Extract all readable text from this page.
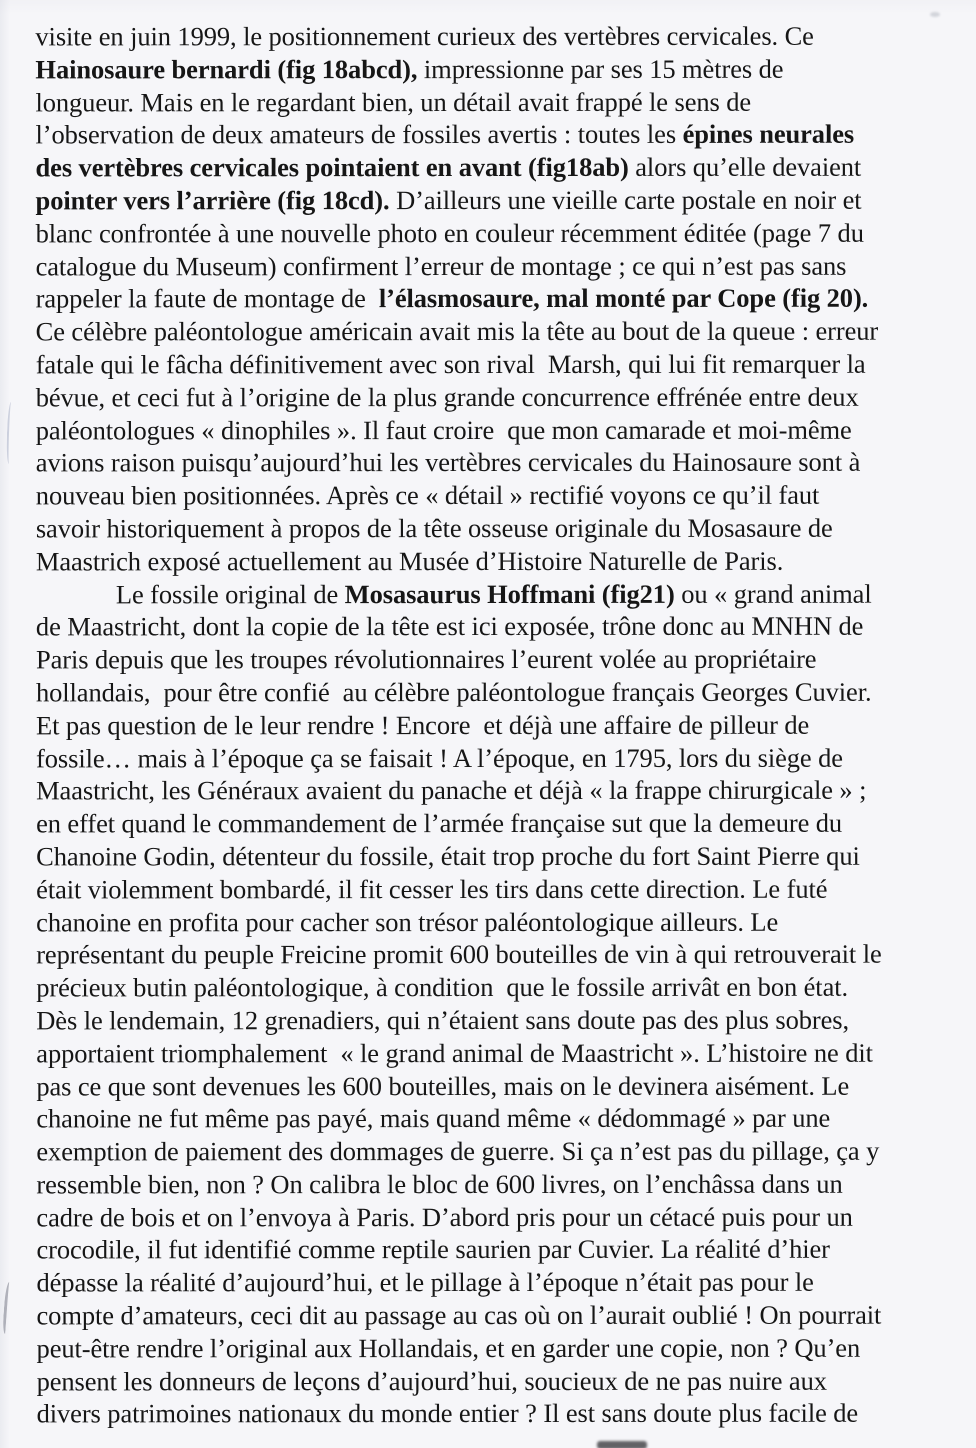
visite en juin 1999, le positionnement curieux des vertèbres cervicales. Ce
Hainosaure bernardi (fig 18abcd), impressionne par ses 15 mètres de
longueur. Mais en le regardant bien, un détail avait frappé le sens de
l’observation de deux amateurs de fossiles avertis : toutes les épines neurales
des vertèbres cervicales pointaient en avant (fig18ab) alors qu’elle devaient
pointer vers l’arrière (fig 18cd). D’ailleurs une vieille carte postale en noir et
blanc confrontée à une nouvelle photo en couleur récemment éditée (page 7 du
catalogue du Museum) confirment l’erreur de montage ; ce qui n’est pas sans
rappeler la faute de montage de  l’élasmosaure, mal monté par Cope (fig 20).
Ce célèbre paléontologue américain avait mis la tête au bout de la queue : erreur
fatale qui le fâcha définitivement avec son rival  Marsh, qui lui fit remarquer la
bévue, et ceci fut à l’origine de la plus grande concurrence effrénée entre deux
paléontologues « dinophiles ». Il faut croire  que mon camarade et moi-même
avions raison puisqu’aujourd’hui les vertèbres cervicales du Hainosaure sont à
nouveau bien positionnées. Après ce « détail » rectifié voyons ce qu’il faut
savoir historiquement à propos de la tête osseuse originale du Mosasaure de
Maastrich exposé actuellement au Musée d’Histoire Naturelle de Paris.
Le fossile original de Mosasaurus Hoffmani (fig21) ou « grand animal
de Maastricht, dont la copie de la tête est ici exposée, trône donc au MNHN de
Paris depuis que les troupes révolutionnaires l’eurent volée au propriétaire
hollandais,  pour être confié  au célèbre paléontologue français Georges Cuvier.
Et pas question de le leur rendre ! Encore  et déjà une affaire de pilleur de
fossile… mais à l’époque ça se faisait ! A l’époque, en 1795, lors du siège de
Maastricht, les Généraux avaient du panache et déjà « la frappe chirurgicale » ;
en effet quand le commandement de l’armée française sut que la demeure du
Chanoine Godin, détenteur du fossile, était trop proche du fort Saint Pierre qui
était violemment bombardé, il fit cesser les tirs dans cette direction. Le futé
chanoine en profita pour cacher son trésor paléontologique ailleurs. Le
représentant du peuple Freicine promit 600 bouteilles de vin à qui retrouverait le
précieux butin paléontologique, à condition  que le fossile arrivât en bon état.
Dès le lendemain, 12 grenadiers, qui n’étaient sans doute pas des plus sobres,
apportaient triomphalement  « le grand animal de Maastricht ». L’histoire ne dit
pas ce que sont devenues les 600 bouteilles, mais on le devinera aisément. Le
chanoine ne fut même pas payé, mais quand même « dédommagé » par une
exemption de paiement des dommages de guerre. Si ça n’est pas du pillage, ça y
ressemble bien, non ? On calibra le bloc de 600 livres, on l’enchâssa dans un
cadre de bois et on l’envoya à Paris. D’abord pris pour un cétacé puis pour un
crocodile, il fut identifié comme reptile saurien par Cuvier. La réalité d’hier
dépasse la réalité d’aujourd’hui, et le pillage à l’époque n’était pas pour le
compte d’amateurs, ceci dit au passage au cas où on l’aurait oublié ! On pourrait
peut-être rendre l’original aux Hollandais, et en garder une copie, non ? Qu’en
pensent les donneurs de leçons d’aujourd’hui, soucieux de ne pas nuire aux
divers patrimoines nationaux du monde entier ? Il est sans doute plus facile de
